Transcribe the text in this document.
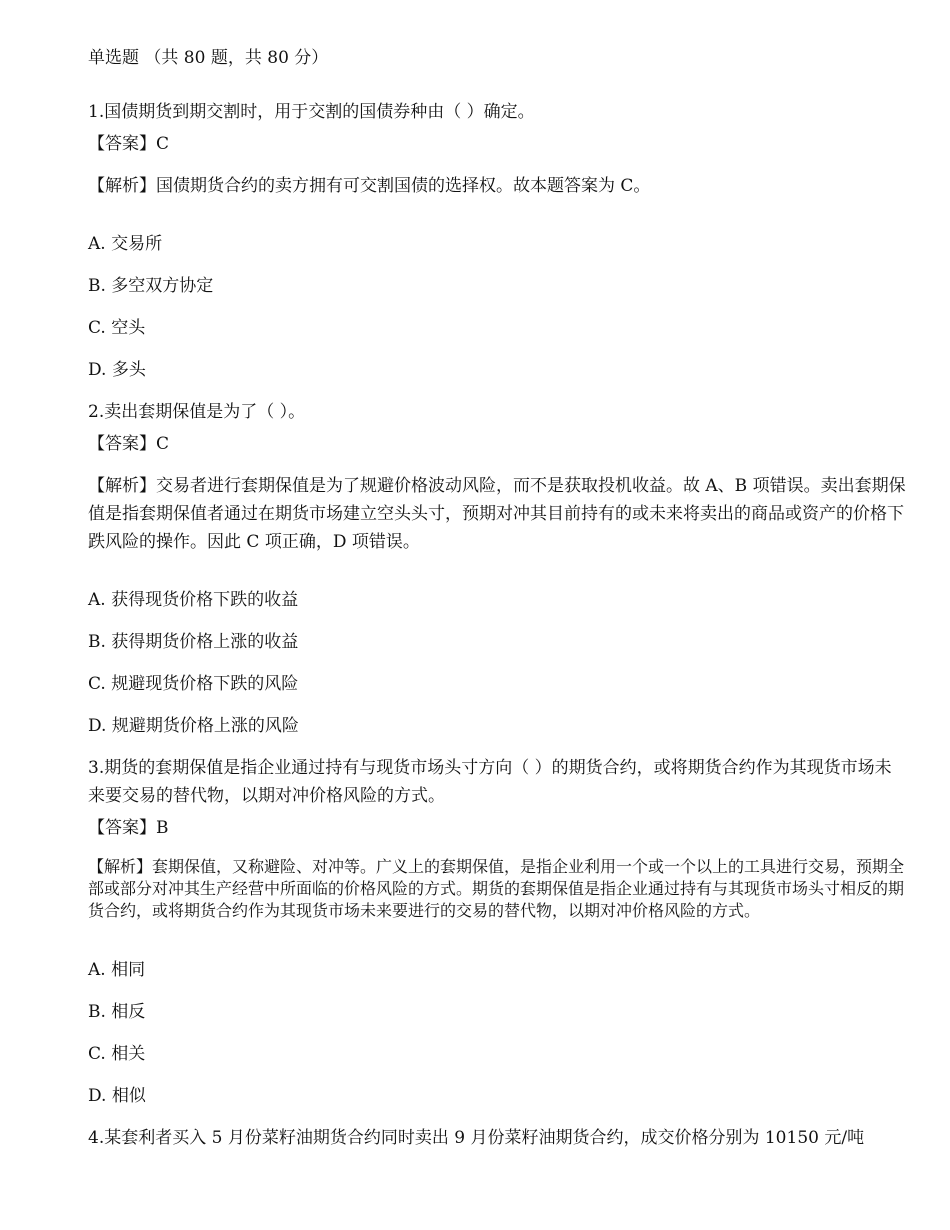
单选题 （共 80 题，共 80 分）
1.国债期货到期交割时，用于交割的国债券种由（ ）确定。
【答案】C
【解析】国债期货合约的卖方拥有可交割国债的选择权。故本题答案为 C。
A. 交易所
B. 多空双方协定
C. 空头
D. 多头
2.卖出套期保值是为了（ ）。
【答案】C
【解析】交易者进行套期保值是为了规避价格波动风险，而不是获取投机收益。故 A、B 项错误。卖出套期保值是指套期保值者通过在期货市场建立空头头寸，预期对冲其目前持有的或未来将卖出的商品或资产的价格下跌风险的操作。因此 C 项正确，D 项错误。
A. 获得现货价格下跌的收益
B. 获得期货价格上涨的收益
C. 规避现货价格下跌的风险
D. 规避期货价格上涨的风险
3.期货的套期保值是指企业通过持有与现货市场头寸方向（ ）的期货合约，或将期货合约作为其现货市场未来要交易的替代物，以期对冲价格风险的方式。
【答案】B
【解析】套期保值，又称避险、对冲等。广义上的套期保值，是指企业利用一个或一个以上的工具进行交易，预期全部或部分对冲其生产经营中所面临的价格风险的方式。期货的套期保值是指企业通过持有与其现货市场头寸相反的期货合约，或将期货合约作为其现货市场未来要进行的交易的替代物，以期对冲价格风险的方式。
A. 相同
B. 相反
C. 相关
D. 相似
4.某套利者买入 5 月份菜籽油期货合约同时卖出 9 月份菜籽油期货合约，成交价格分别为 10150 元/吨
